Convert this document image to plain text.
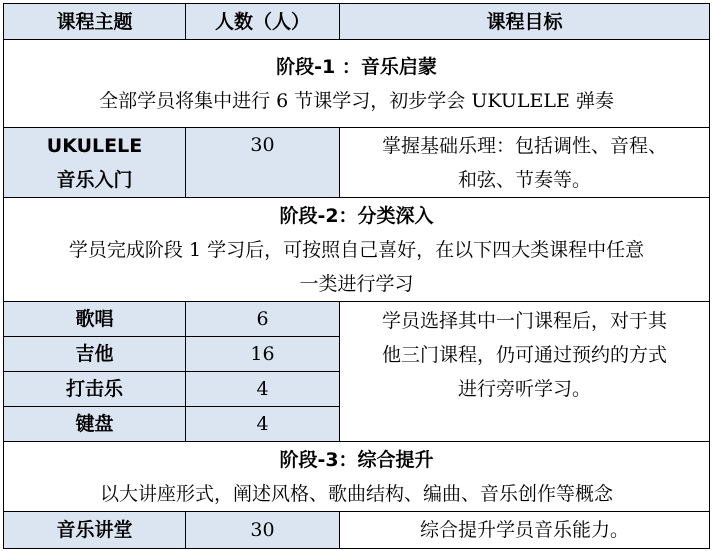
课程主题	人数（人）	课程目标

阶段-1 ：音乐启蒙
全部学员将集中进行 6 节课学习，初步学会 UKULELE 弹奏		

UKULELE
音乐入门	30	掌握基础乐理：包括调性、音程、
和弦、节奏等。

阶段-2：分类深入
学员完成阶段 1 学习后，可按照自己喜好，在以下四大类课程中任意
一类进行学习		

歌唱	6	学员选择其中一门课程后，对于其
他三门课程，仍可通过预约的方式
进行旁听学习。

吉他	16	
打击乐	4	
键盘	4	

阶段-3：综合提升
以大讲座形式，阐述风格、歌曲结构、编曲、音乐创作等概念		

音乐讲堂	30	综合提升学员音乐能力。
